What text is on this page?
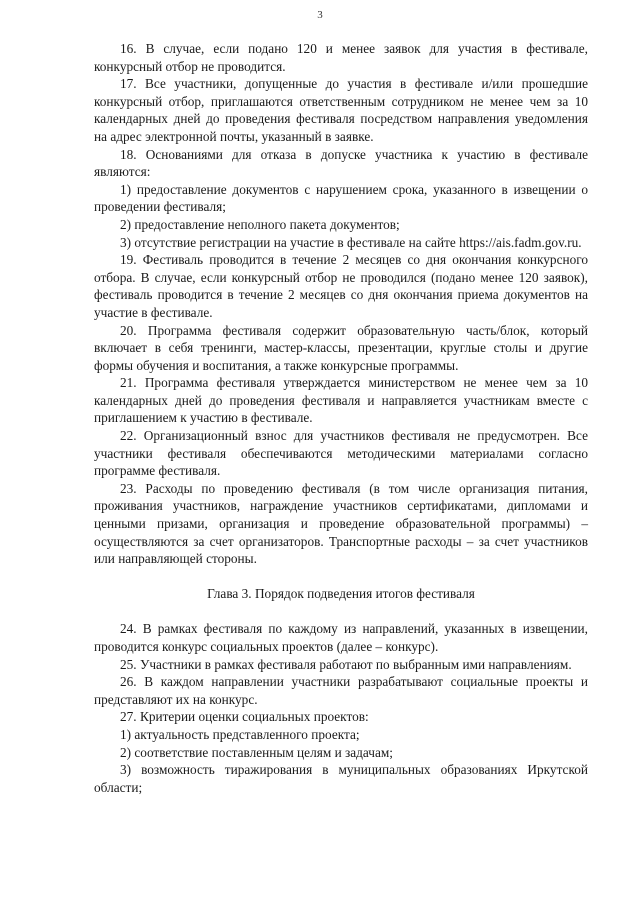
3

16. В случае, если подано 120 и менее заявок для участия в фестивале, конкурсный отбор не проводится.

17. Все участники, допущенные до участия в фестивале и/или прошедшие конкурсный отбор, приглашаются ответственным сотрудником не менее чем за 10 календарных дней до проведения фестиваля посредством направления уведомления на адрес электронной почты, указанный в заявке.

18. Основаниями для отказа в допуске участника к участию в фестивале являются:

1) предоставление документов с нарушением срока, указанного в извещении о проведении фестиваля;

2) предоставление неполного пакета документов;

3) отсутствие регистрации на участие в фестивале на сайте https://ais.fadm.gov.ru.

19. Фестиваль проводится в течение 2 месяцев со дня окончания конкурсного отбора. В случае, если конкурсный отбор не проводился (подано менее 120 заявок), фестиваль проводится в течение 2 месяцев со дня окончания приема документов на участие в фестивале.

20. Программа фестиваля содержит образовательную часть/блок, который включает в себя тренинги, мастер-классы, презентации, круглые столы и другие формы обучения и воспитания, а также конкурсные программы.

21. Программа фестиваля утверждается министерством не менее чем за 10 календарных дней до проведения фестиваля и направляется участникам вместе с приглашением к участию в фестивале.

22. Организационный взнос для участников фестиваля не предусмотрен. Все участники фестиваля обеспечиваются методическими материалами согласно программе фестиваля.

23. Расходы по проведению фестиваля (в том числе организация питания, проживания участников, награждение участников сертификатами, дипломами и ценными призами, организация и проведение образовательной программы) – осуществляются за счет организаторов. Транспортные расходы – за счет участников или направляющей стороны.

Глава 3. Порядок подведения итогов фестиваля

24. В рамках фестиваля по каждому из направлений, указанных в извещении, проводится конкурс социальных проектов (далее – конкурс).

25. Участники в рамках фестиваля работают по выбранным ими направлениям.

26. В каждом направлении участники разрабатывают социальные проекты и представляют их на конкурс.

27. Критерии оценки социальных проектов:

1) актуальность представленного проекта;

2) соответствие поставленным целям и задачам;

3) возможность тиражирования в муниципальных образованиях Иркутской области;
